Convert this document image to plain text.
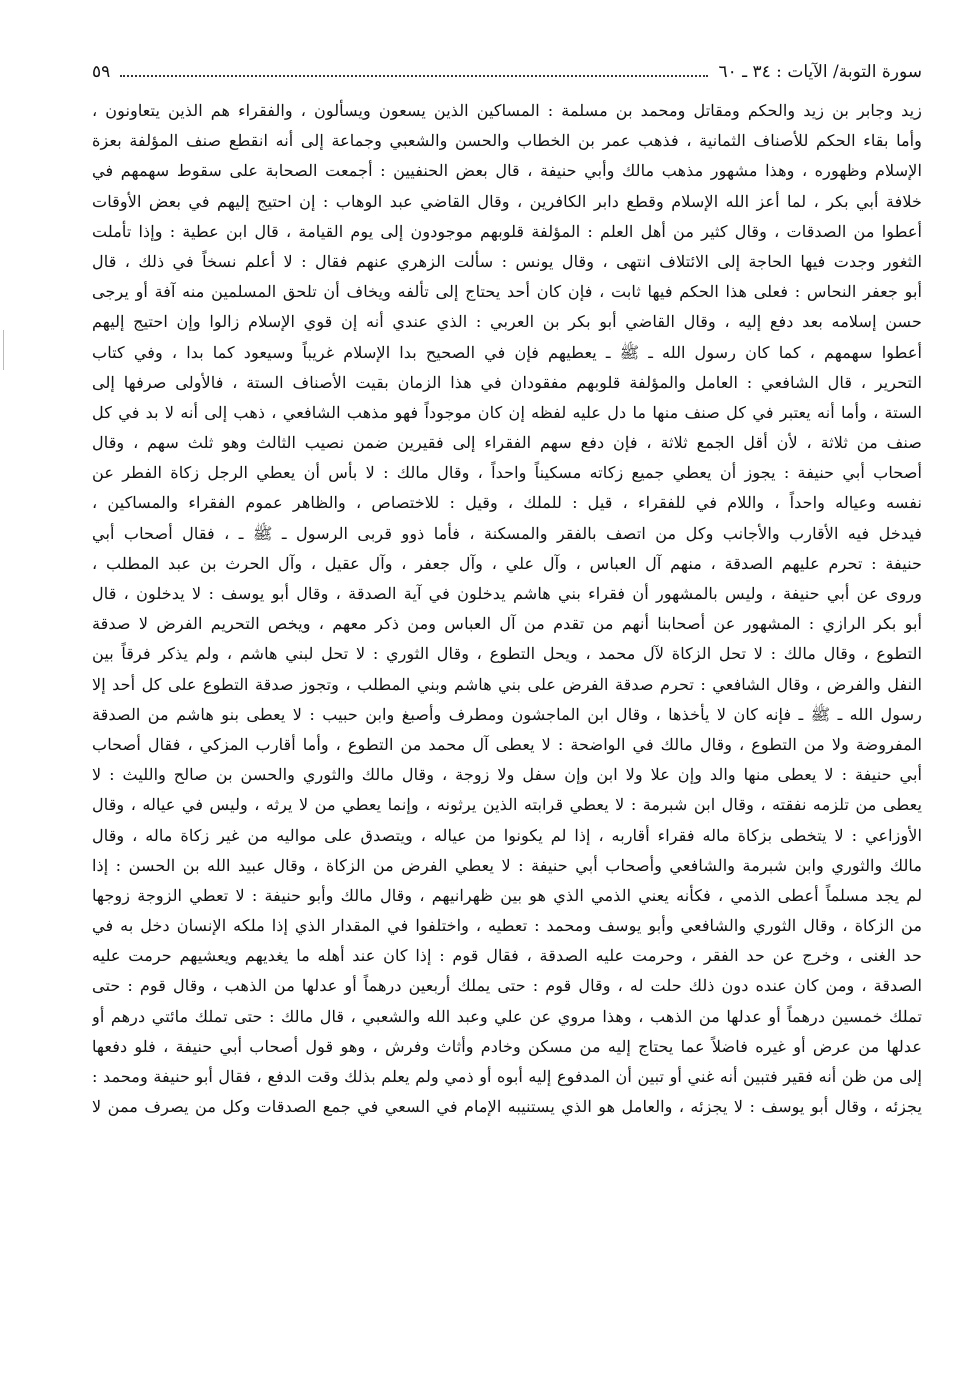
سورة التوبة/ الآيات : ٣٤ ـ ٦٠
٥٩
زيد وجابر بن زيد والحكم ومقاتل ومحمد بن مسلمة : المساكين الذين يسعون ويسألون ، والفقراء هم الذين يتعاونون ،
وأما بقاء الحكم للأصناف الثمانية ، فذهب عمر بن الخطاب والحسن والشعبي وجماعة إلى أنه انقطع صنف المؤلفة بعزة
الإسلام وظهوره ، وهذا مشهور مذهب مالك وأبي حنيفة ، قال بعض الحنفيين : أجمعت الصحابة على سقوط سهمهم في
خلافة أبي بكر ، لما أعز الله الإسلام وقطع دابر الكافرين ، وقال القاضي عبد الوهاب : إن احتيج إليهم في بعض الأوقات
أعطوا من الصدقات ، وقال كثير من أهل العلم : المؤلفة قلوبهم موجودون إلى يوم القيامة ، قال ابن عطية : وإذا تأملت
الثغور وجدت فيها الحاجة إلى الائتلاف انتهى ، وقال يونس : سألت الزهري عنهم فقال : لا أعلم نسخاً في ذلك ، قال
أبو جعفر النحاس : فعلى هذا الحكم فيها ثابت ، فإن كان أحد يحتاج إلى تألفه ويخاف أن تلحق المسلمين منه آفة أو يرجى
حسن إسلامه بعد دفع إليه ، وقال القاضي أبو بكر بن العربي : الذي عندي أنه إن قوي الإسلام زالوا وإن احتيج إليهم
أعطوا سهمهم ، كما كان رسول الله ـ ﷺ ـ يعطيهم فإن في الصحيح بدا الإسلام غريباً وسيعود كما بدا ، وفي كتاب
التحرير ، قال الشافعي : العامل والمؤلفة قلوبهم مفقودان في هذا الزمان بقيت الأصناف الستة ، فالأولى صرفها إلى
الستة ، وأما أنه يعتبر في كل صنف منها ما دل عليه لفظه إن كان موجوداً فهو مذهب الشافعي ، ذهب إلى أنه لا بد في كل
صنف من ثلاثة ، لأن أقل الجمع ثلاثة ، فإن دفع سهم الفقراء إلى فقيرين ضمن نصيب الثالث وهو ثلث سهم ، وقال
أصحاب أبي حنيفة : يجوز أن يعطي جميع زكاته مسكيناً واحداً ، وقال مالك : لا بأس أن يعطي الرجل زكاة الفطر عن
نفسه وعياله واحداً ، واللام في للفقراء ، قيل : للملك ، وقيل : للاختصاص ، والظاهر عموم الفقراء والمساكين ،
فيدخل فيه الأقارب والأجانب وكل من اتصف بالفقر والمسكنة ، فأما ذوو قربى الرسول ـ ﷺ ـ ، فقال أصحاب أبي
حنيفة : تحرم عليهم الصدقة ، منهم آل العباس ، وآل علي ، وآل جعفر ، وآل عقيل ، وآل الحرث بن عبد المطلب ،
وروى عن أبي حنيفة ، وليس بالمشهور أن فقراء بني هاشم يدخلون في آية الصدقة ، وقال أبو يوسف : لا يدخلون ، قال
أبو بكر الرازي : المشهور عن أصحابنا أنهم من تقدم من آل العباس ومن ذكر معهم ، ويخص التحريم الفرض لا صدقة
التطوع ، وقال مالك : لا تحل الزكاة لآل محمد ، ويحل التطوع ، وقال الثوري : لا تحل لبني هاشم ، ولم يذكر فرقاً بين
النفل والفرض ، وقال الشافعي : تحرم صدقة الفرض على بني هاشم وبني المطلب ، وتجوز صدقة التطوع على كل أحد إلا
رسول الله ـ ﷺ ـ فإنه كان لا يأخذها ، وقال ابن الماجشون ومطرف وأصبغ وابن حبيب : لا يعطى بنو هاشم من الصدقة
المفروضة ولا من التطوع ، وقال مالك في الواضحة : لا يعطى آل محمد من التطوع ، وأما أقارب المزكي ، فقال أصحاب
أبي حنيفة : لا يعطى منها والد وإن علا ولا ابن وإن سفل ولا زوجة ، وقال مالك والثوري والحسن بن صالح والليث : لا
يعطى من تلزمه نفقته ، وقال ابن شبرمة : لا يعطي قرابته الذين يرثونه ، وإنما يعطي من لا يرثه ، وليس في عياله ، وقال
الأوزاعي : لا يتخطى بزكاة ماله فقراء أقاربه ، إذا لم يكونوا من عياله ، ويتصدق على مواليه من غير زكاة ماله ، وقال
مالك والثوري وابن شبرمة والشافعي وأصحاب أبي حنيفة : لا يعطي الفرض من الزكاة ، وقال عبيد الله بن الحسن : إذا
لم يجد مسلماً أعطى الذمي ، فكأنه يعني الذمي الذي هو بين ظهرانيهم ، وقال مالك وأبو حنيفة : لا تعطي الزوجة زوجها
من الزكاة ، وقال الثوري والشافعي وأبو يوسف ومحمد : تعطيه ، واختلفوا في المقدار الذي إذا ملكه الإنسان دخل به في
حد الغنى ، وخرج عن حد الفقر ، وحرمت عليه الصدقة ، فقال قوم : إذا كان عند أهله ما يغديهم ويعشيهم حرمت عليه
الصدقة ، ومن كان عنده دون ذلك حلت له ، وقال قوم : حتى يملك أربعين درهماً أو عدلها من الذهب ، وقال قوم : حتى
تملك خمسين درهماً أو عدلها من الذهب ، وهذا مروي عن علي وعبد الله والشعبي ، قال مالك : حتى تملك مائتي درهم أو
عدلها من عرض أو غيره فاضلاً عما يحتاج إليه من مسكن وخادم وأثاث وفرش ، وهو قول أصحاب أبي حنيفة ، فلو دفعها
إلى من ظن أنه فقير فتبين أنه غني أو تبين أن المدفوع إليه أبوه أو ذمي ولم يعلم بذلك وقت الدفع ، فقال أبو حنيفة ومحمد :
يجزئه ، وقال أبو يوسف : لا يجزئه ، والعامل هو الذي يستنيبه الإمام في السعي في جمع الصدقات وكل من يصرف ممن لا
